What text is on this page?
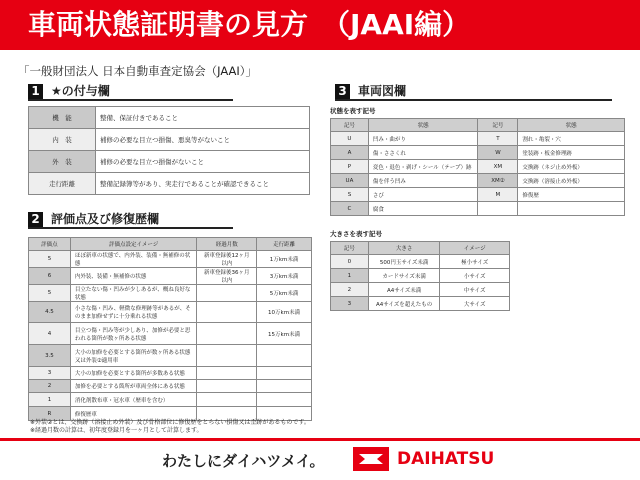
車両状態証明書の見方　（JAAI編）
「一般財団法人 日本自動車査定協会（JAAI）」
1 ★の付与欄
機　能	整備、保証付きであること
内　装	補修の必要な目立つ損傷、悪臭等がないこと
外　装	補修の必要な目立つ損傷がないこと
走行距離	整備記録簿等があり、実走行であることが確認できること
2 評価点及び修復歴欄
評価点	評価点設定イメージ	経過月数	走行距離
5	ほぼ新車の状態で、内外装、装備・無補修の状態	新車登録後12ヶ月以内	1万km未満
6	内外装、装備・無補修の状態	新車登録後36ヶ月以内	3万km未満
5	目立たない傷・凹みが少しあるが、概ね良好な状態		5万km未満
4.5	小さな傷・凹み、軽微な修理跡等があるが、そのまま加修せずに十分乗れる状態		10万km未満
4	目立つ傷・凹み等が少しあり、加修が必要と思われる箇所が数ヶ所ある状態		15万km未満
3.5	大小の加修を必要とする箇所が数ヶ所ある状態又は外装②適用車		
3	大小の加修を必要とする箇所が多数ある状態		
2	加修を必要とする箇所が車両全体にある状態		
1	消化剤散布車・冠水車（歴車を含む）		
R	修復歴車		
※外装②とは、交換跡（溶接止め外装）及び骨格部位に修復歴をとらない損傷又は歪跡があるものです。
※経過月数の計算は、初年度登録月を一ヶ月として計算します。
3 車両図欄
状態を表す記号
記号	状態	記号	状態
U	凹み・曲がり	T	割れ・亀裂・穴
A	傷・ささくれ	W	塗装跡・板金修理跡
P	変色・退色・剥げ・シール（テープ）跡	XM	交換跡（ネジ止め外板）
UA	傷を伴う凹み	XM②	交換跡（溶接止め外板）
S	さび	M	修復歴
C	腐食		
大きさを表す記号
記号	大きさ	イメージ
0	500円玉サイズ未満	極小サイズ
1	カードサイズ未満	小サイズ
2	A4サイズ未満	中サイズ
3	A4サイズを超えたもの	大サイズ
わたしにダイハツメイ。	DAIHATSU
